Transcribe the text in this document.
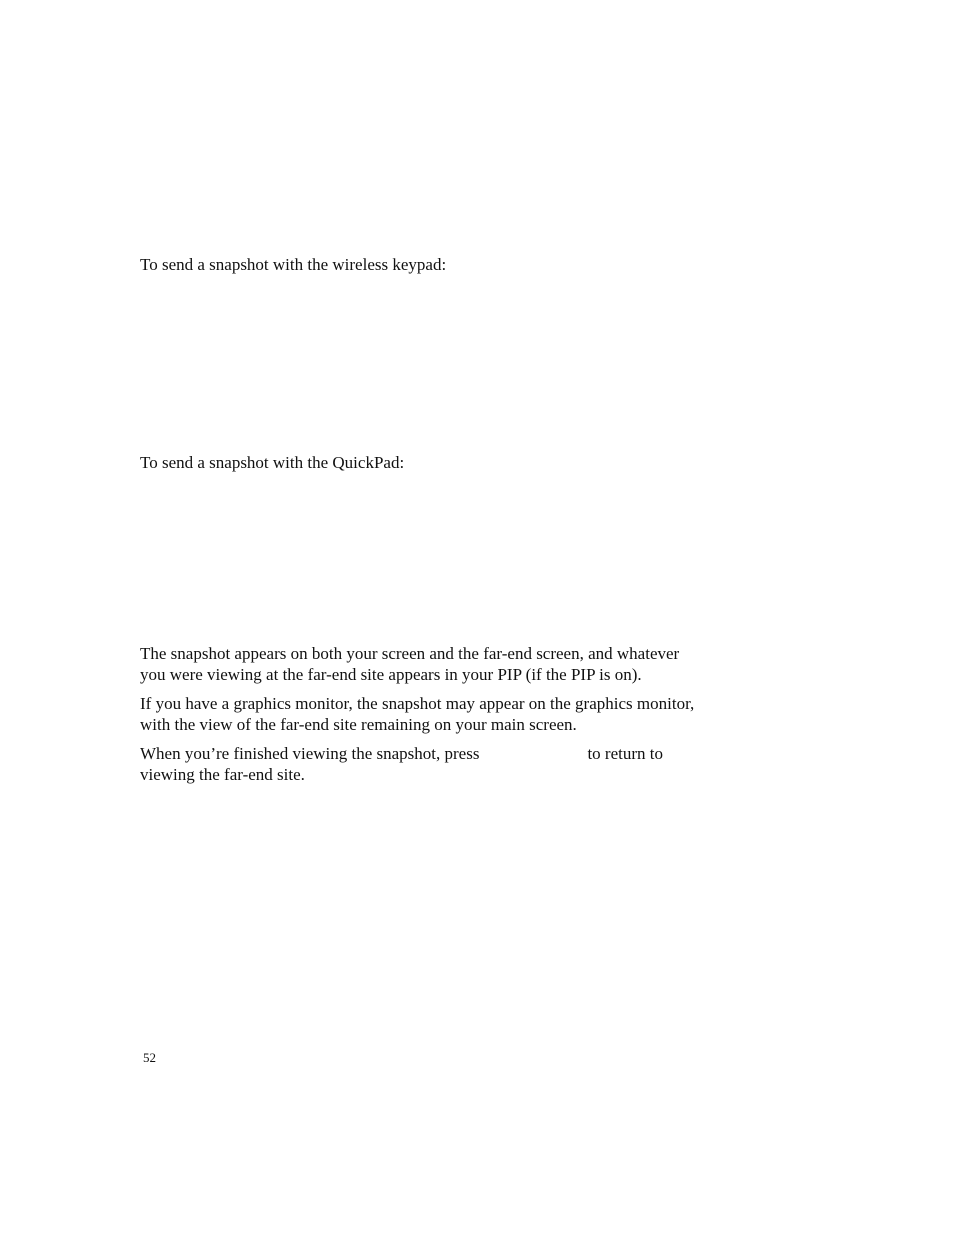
To send a snapshot with the wireless keypad:

To send a snapshot with the QuickPad:

The snapshot appears on both your screen and the far-end screen, and whatever
you were viewing at the far-end site appears in your PIP (if the PIP is on).

If you have a graphics monitor, the snapshot may appear on the graphics monitor,
with the view of the far-end site remaining on your main screen.

When you’re finished viewing the snapshot, press	to return to
viewing the far-end site.

52
